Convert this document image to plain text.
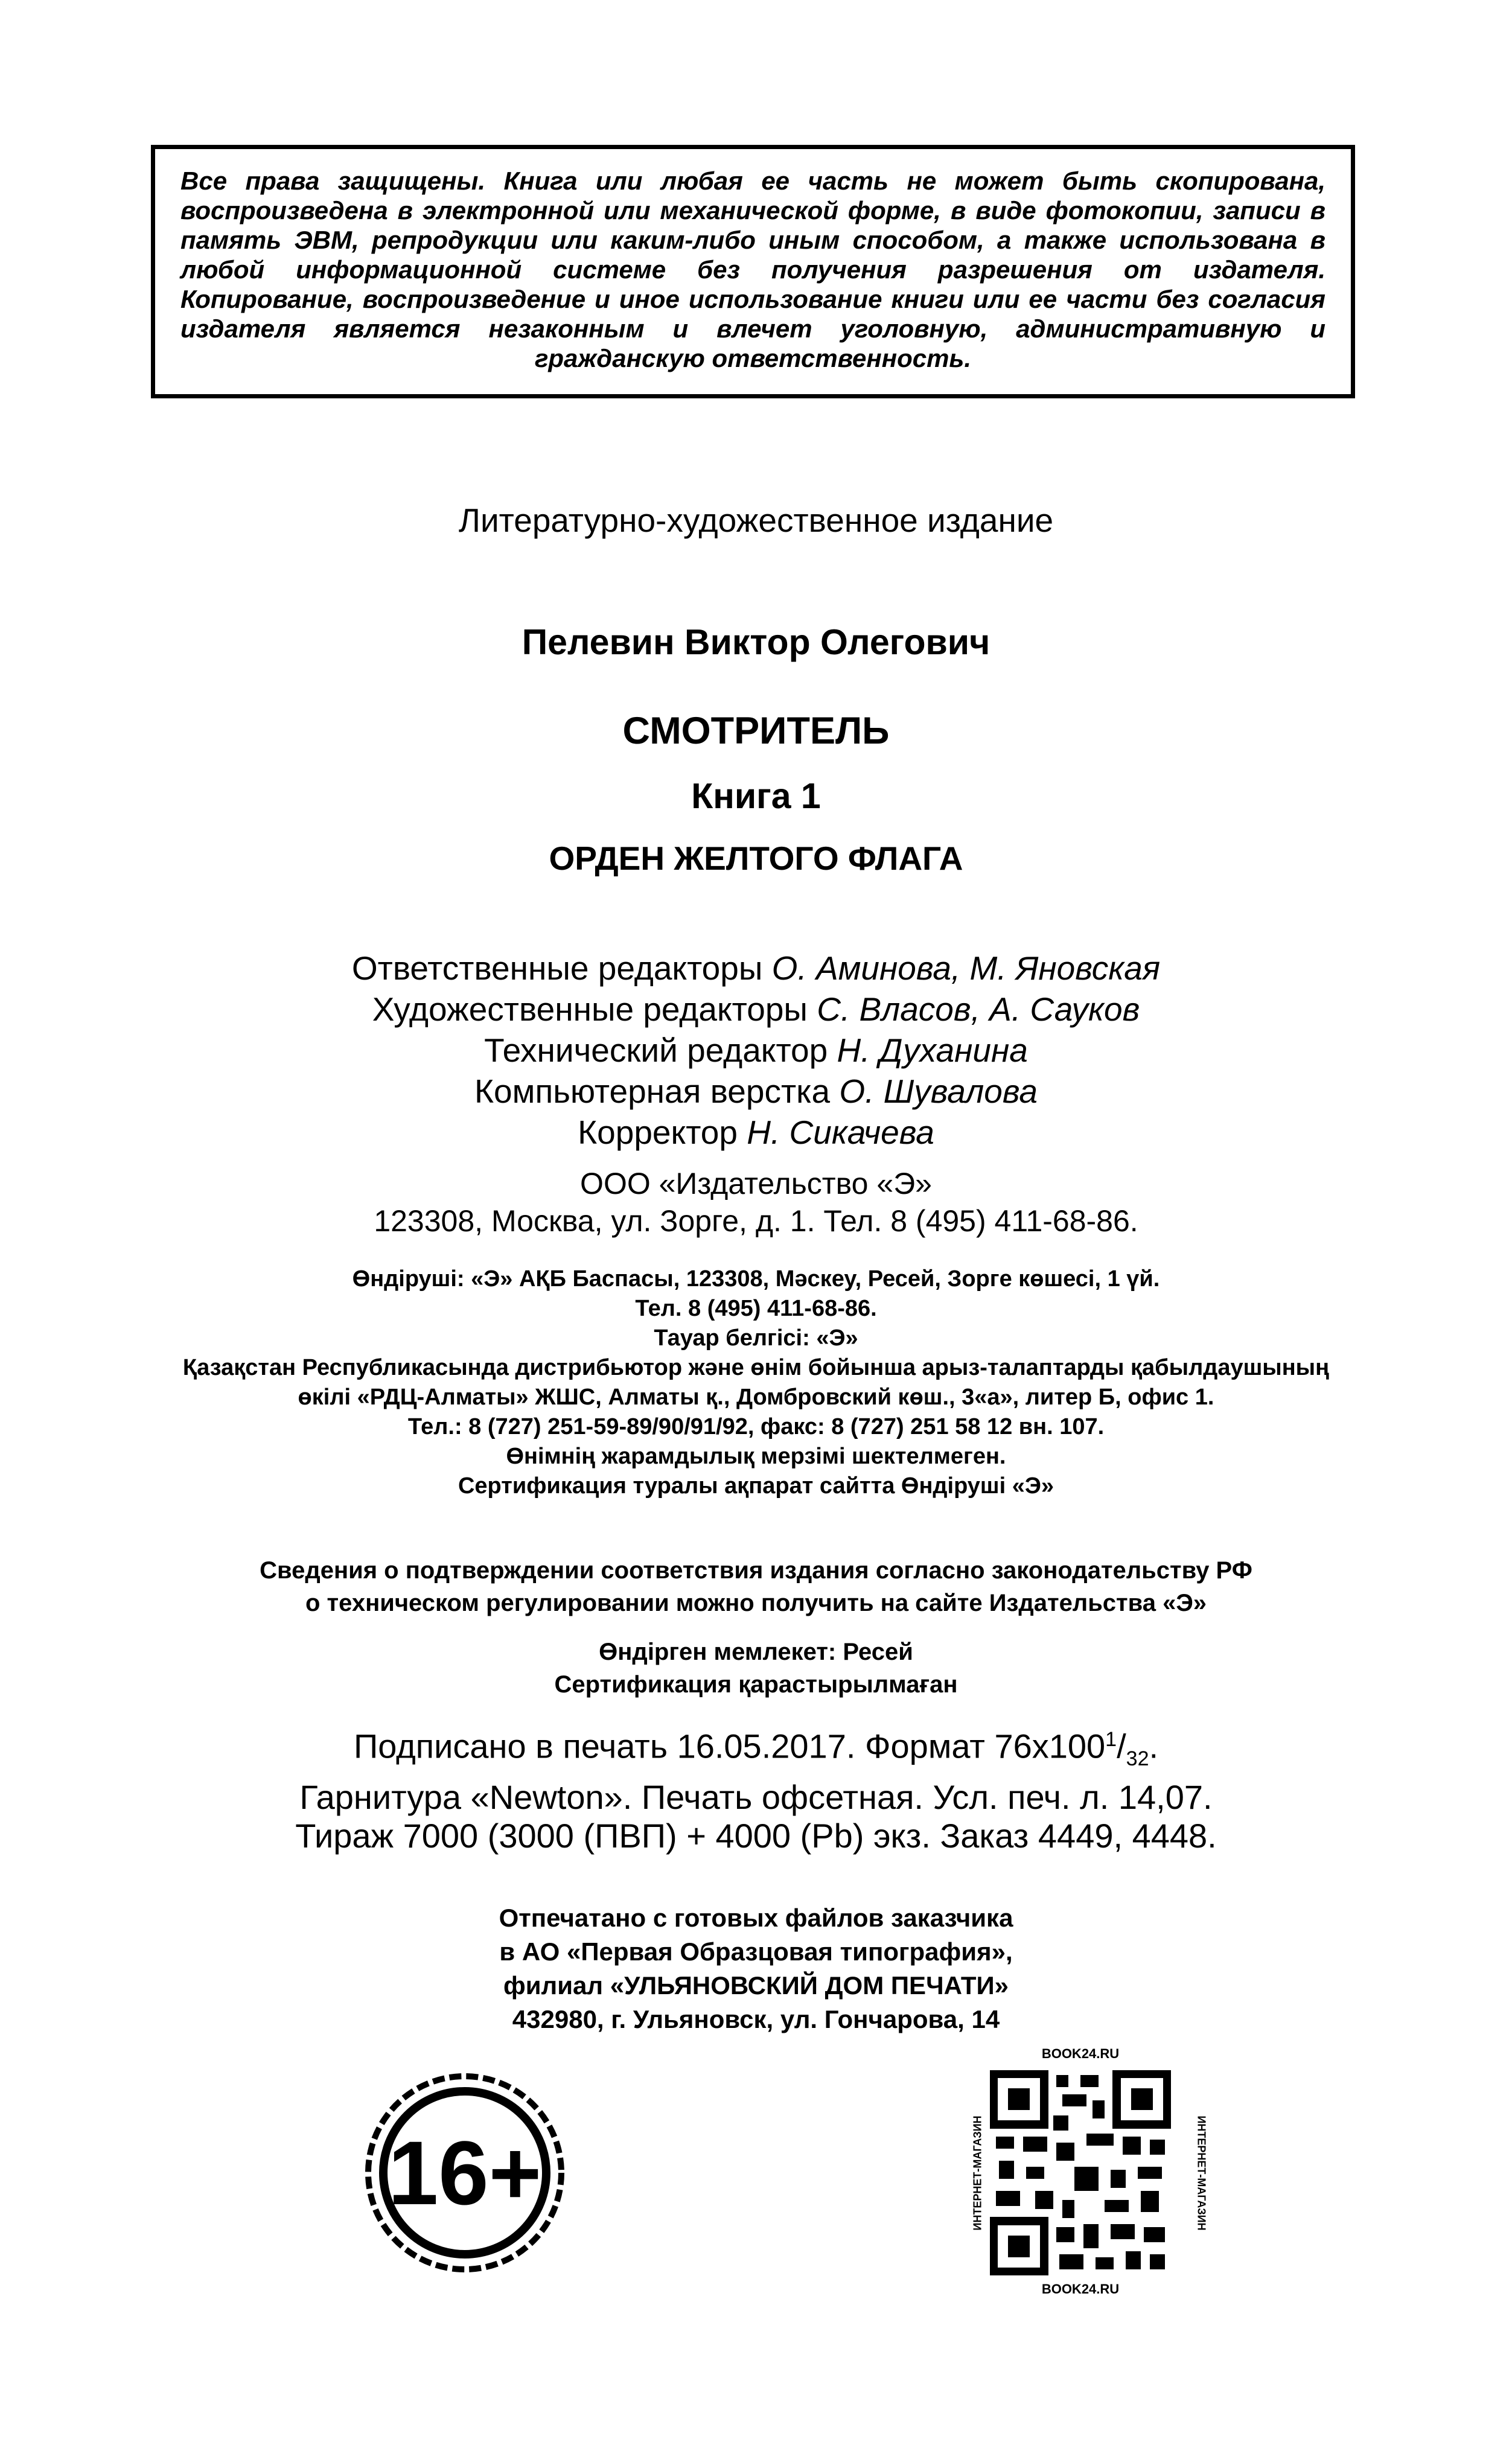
Все права защищены. Книга или любая ее часть не может быть скопирована, воспроизведена в электронной или механической форме, в виде фотокопии, записи в память ЭВМ, репродукции или каким-либо иным способом, а также использована в любой информационной системе без получения разрешения от издателя. Копирование, воспроизведение и иное использование книги или ее части без согласия издателя является незаконным и влечет уголовную, административную и гражданскую ответственность.

Литературно-художественное издание
Пелевин Виктор Олегович
СМОТРИТЕЛЬ
Книга 1
ОРДЕН ЖЕЛТОГО ФЛАГА
Ответственные редакторы О. Аминова, М. Яновская
Художественные редакторы С. Власов, А. Сауков
Технический редактор Н. Духанина
Компьютерная верстка О. Шувалова
Корректор Н. Сикачева
ООО «Издательство «Э»
123308, Москва, ул. Зорге, д. 1. Тел. 8 (495) 411-68-86.
Өндіруші: «Э» АҚБ Баспасы, 123308, Мәскеу, Ресей, Зорге көшесі, 1 үй.
Тел. 8 (495) 411-68-86.
Тауар белгісі: «Э»
Қазақстан Республикасында дистрибьютор және өнім бойынша арыз-талаптарды қабылдаушының
өкілі «РДЦ-Алматы» ЖШС, Алматы қ., Домбровский көш., 3«а», литер Б, офис 1.
Тел.: 8 (727) 251-59-89/90/91/92, факс: 8 (727) 251 58 12 вн. 107.
Өнімнің жарамдылық мерзімі шектелмеген.
Сертификация туралы ақпарат сайтта Өндіруші «Э»
Сведения о подтверждении соответствия издания согласно законодательству РФ
о техническом регулировании можно получить на сайте Издательства «Э»
Өндірген мемлекет: Ресей
Сертификация қарастырылмаған
Подписано в печать 16.05.2017. Формат $76x100^1/_{32}$.
Гарнитура «Newton». Печать офсетная. Усл. печ. л. 14,07.
Тираж 7000 (3000 (ПВП) + 4000 (Pb) экз. Заказ 4449, 4448.
Отпечатано с готовых файлов заказчика
в АО «Первая Образцовая типография»,
филиал «УЛЬЯНОВСКИЙ ДОМ ПЕЧАТИ»
432980, г. Ульяновск, ул. Гончарова, 14
16+
BOOK24.RU
ИНТЕРНЕТ-МАГАЗИН	ИНТЕРНЕТ-МАГАЗИН
BOOK24.RU
